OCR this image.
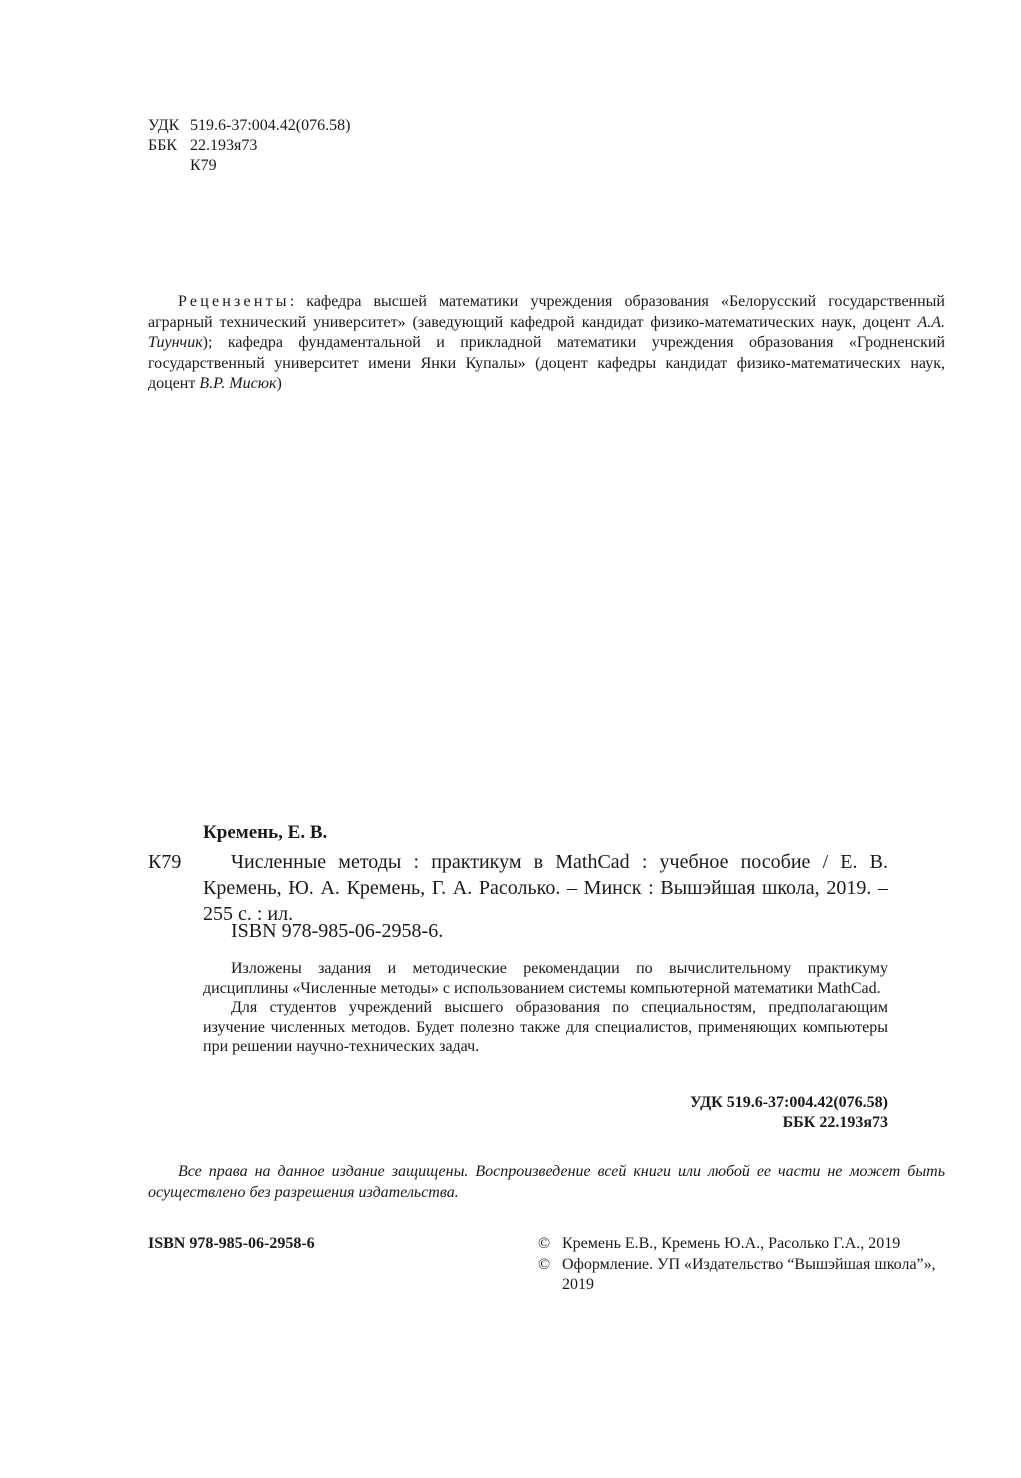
УДК 519.6-37:004.42(076.58)
ББК 22.193я73
К79
Рецензенты: кафедра высшей математики учреждения образования «Белорусский государственный аграрный технический университет» (заведующий кафедрой кандидат физико-математических наук, доцент А.А. Тиунчик); кафедра фундаментальной и прикладной математики учреждения образования «Гродненский государственный университет имени Янки Купалы» (доцент кафедры кандидат физико-математических наук, доцент В.Р. Мисюк)
Кремень, Е. В.
К79	Численные методы : практикум в MathCad : учебное пособие / Е. В. Кремень, Ю. А. Кремень, Г. А. Расолько. – Минск : Вышэйшая школа, 2019. – 255 с. : ил.
ISBN 978-985-06-2958-6.

Изложены задания и методические рекомендации по вычислительному практикуму дисциплины «Численные методы» с использованием системы компьютерной математики MathCad.

Для студентов учреждений высшего образования по специальностям, предполагающим изучение численных методов. Будет полезно также для специалистов, применяющих компьютеры при решении научно-технических задач.

УДК 519.6-37:004.42(076.58)
ББК 22.193я73
Все права на данное издание защищены. Воспроизведение всей книги или любой ее части не может быть осуществлено без разрешения издательства.
ISBN 978-985-06-2958-6	© Кремень Е.В., Кремень Ю.А., Расолько Г.А., 2019
© Оформление. УП «Издательство “Вышэйшая школа”», 2019
